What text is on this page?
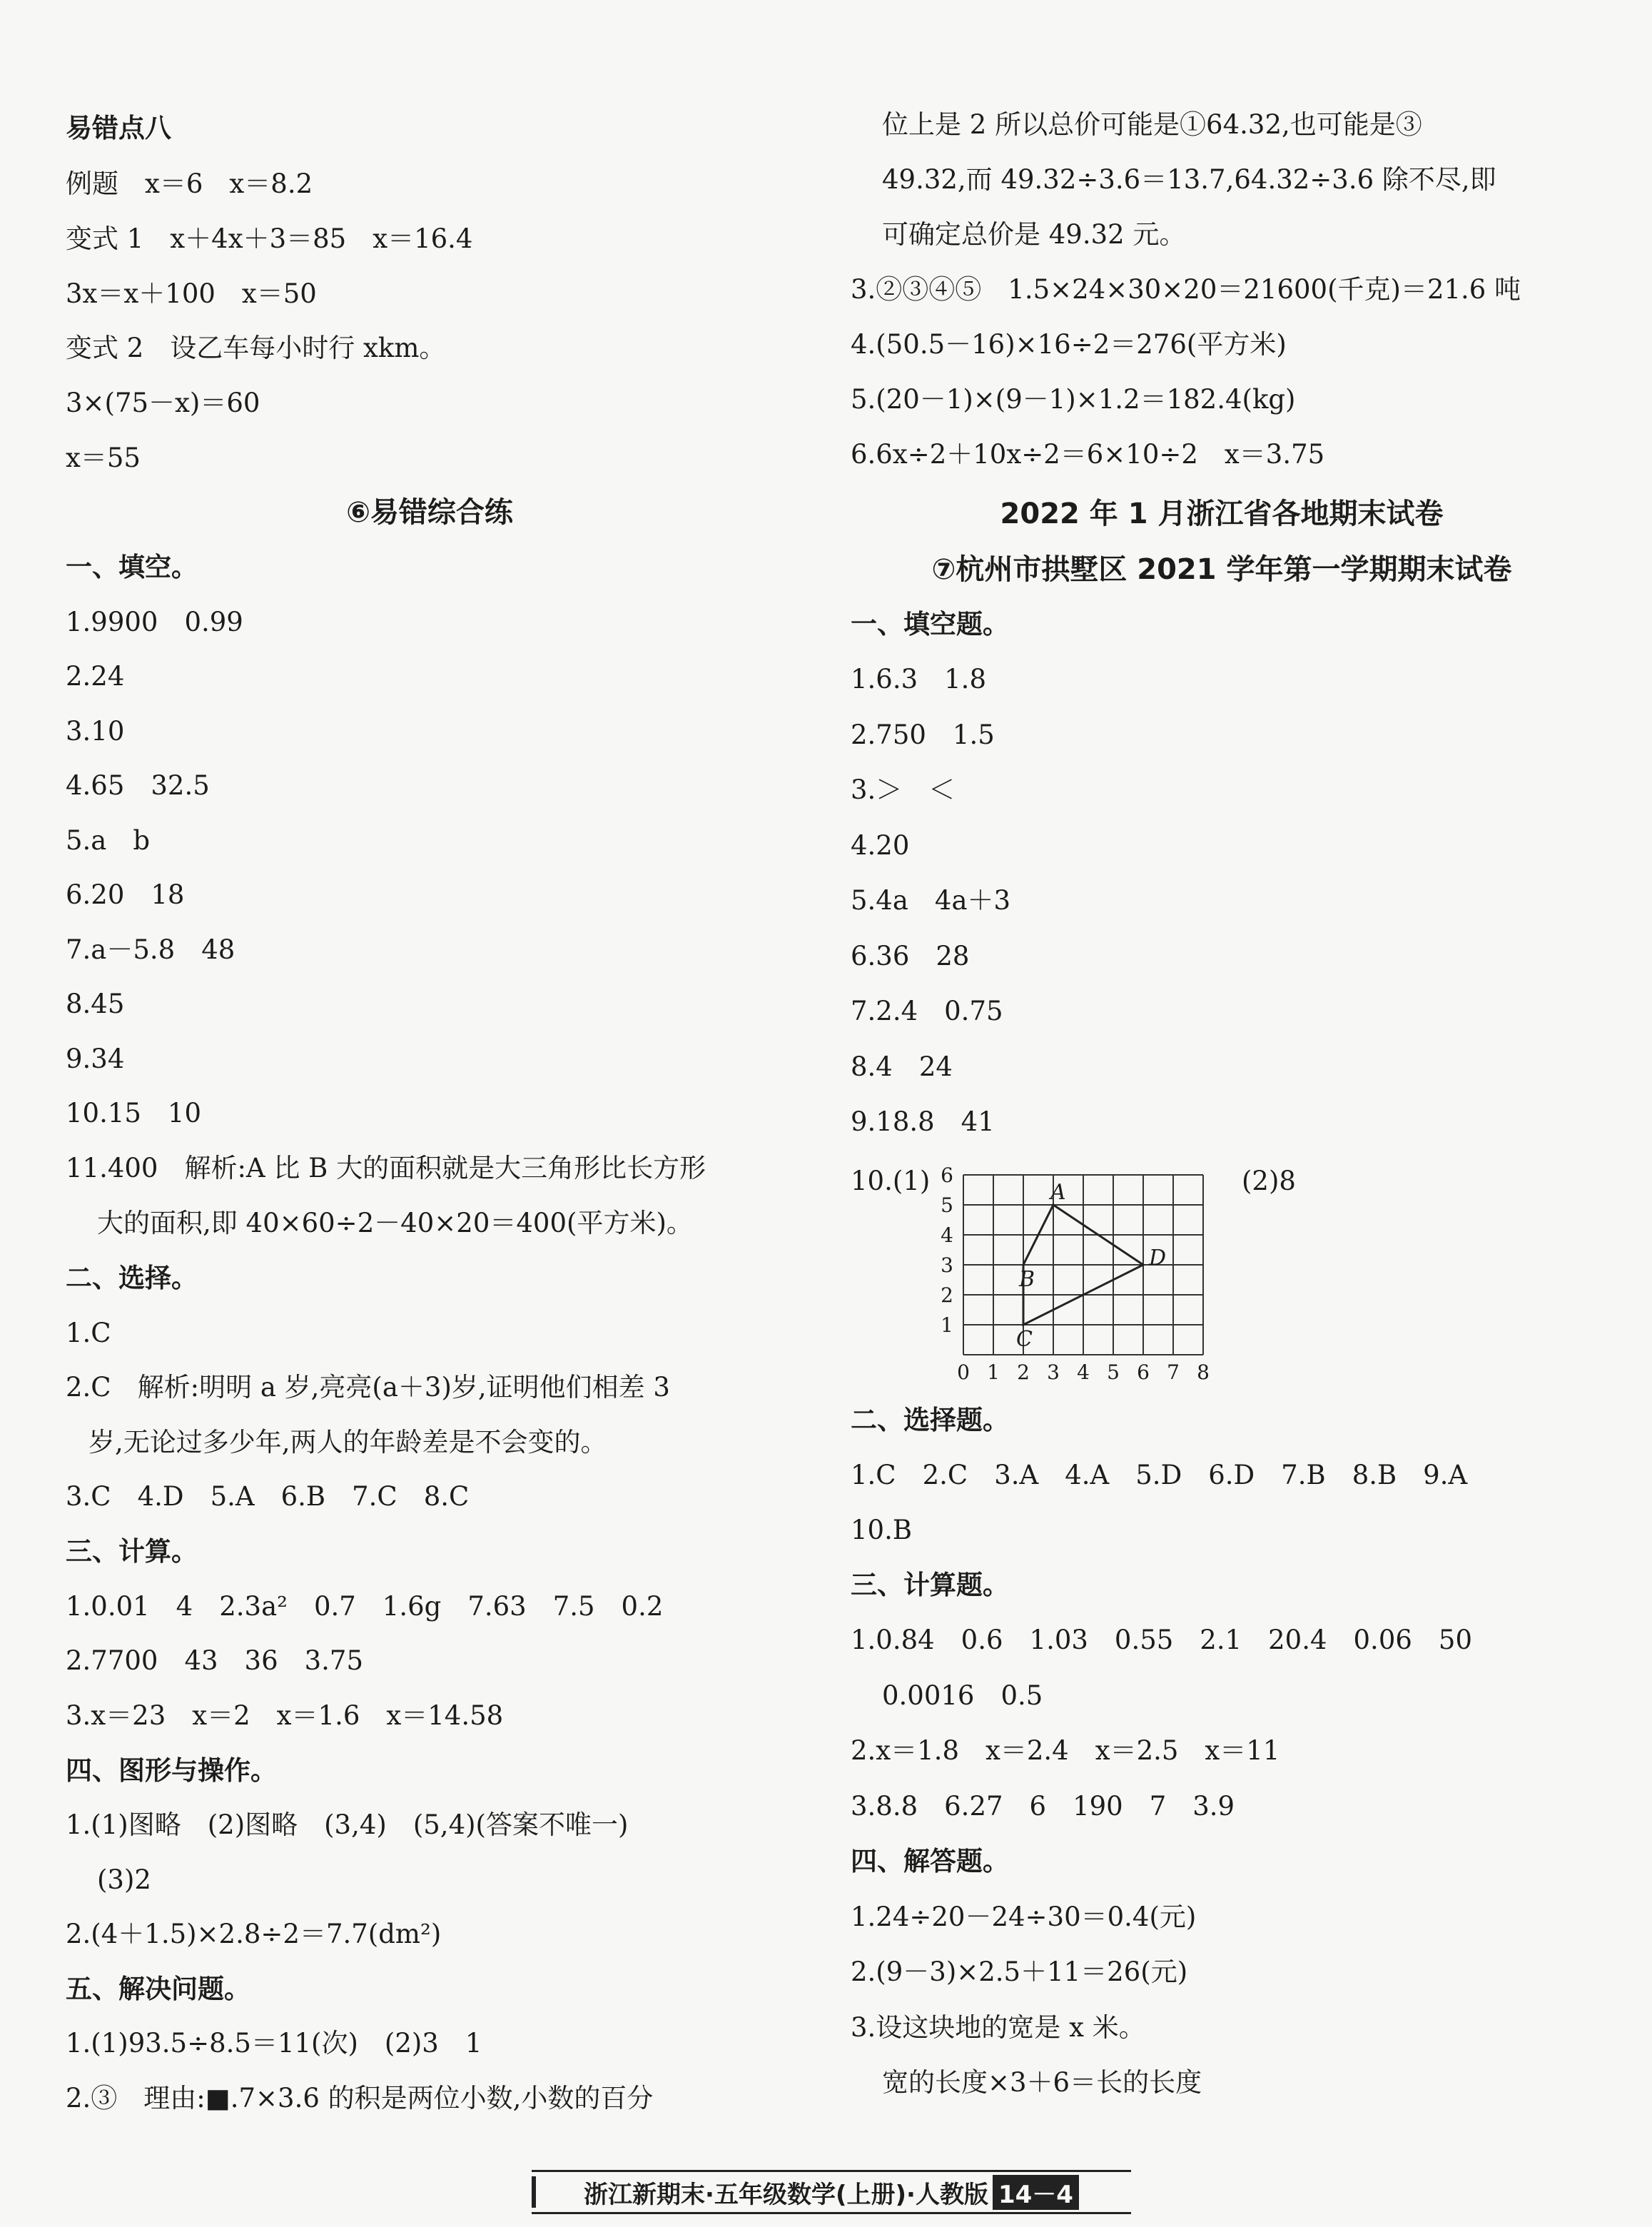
易错点八
例题　x＝6　x＝8.2
变式 1　x＋4x＋3＝85　x＝16.4
3x＝x＋100　x＝50
变式 2　设乙车每小时行 xkm。
3×(75－x)＝60
x＝55
⑥易错综合练
一、填空。
1.9900　0.99
2.24
3.10
4.65　32.5
5.a　b
6.20　18
7.a－5.8　48
8.45
9.34
10.15　10
11.400　解析:A 比 B 大的面积就是大三角形比长方形
大的面积,即 40×60÷2－40×20＝400(平方米)。
二、选择。
1.C
2.C　解析:明明 a 岁,亮亮(a＋3)岁,证明他们相差 3
岁,无论过多少年,两人的年龄差是不会变的。
3.C　4.D　5.A　6.B　7.C　8.C
三、计算。
1.0.01　4　2.3a²　0.7　1.6g　7.63　7.5　0.2
2.7700　43　36　3.75
3.x＝23　x＝2　x＝1.6　x＝14.58
四、图形与操作。
1.(1)图略　(2)图略　(3,4)　(5,4)(答案不唯一)
(3)2
2.(4＋1.5)×2.8÷2＝7.7(dm²)
五、解决问题。
1.(1)93.5÷8.5＝11(次)　(2)3　1
2.③　理由:■.7×3.6 的积是两位小数,小数的百分
位上是 2 所以总价可能是①64.32,也可能是③
49.32,而 49.32÷3.6＝13.7,64.32÷3.6 除不尽,即
可确定总价是 49.32 元。
3.②③④⑤　1.5×24×30×20＝21600(千克)＝21.6 吨
4.(50.5－16)×16÷2＝276(平方米)
5.(20－1)×(9－1)×1.2＝182.4(kg)
6.6x÷2＋10x÷2＝6×10÷2　x＝3.75
2022 年 1 月浙江省各地期末试卷
⑦杭州市拱墅区 2021 学年第一学期期末试卷
一、填空题。
1.6.3　1.8
2.750　1.5
3.＞　＜
4.20
5.4a　4a＋3
6.36　28
7.2.4　0.75
8.4　24
9.18.8　41
10.(1)	(2)8
二、选择题。
1.C　2.C　3.A　4.A　5.D　6.D　7.B　8.B　9.A
10.B
三、计算题。
1.0.84　0.6　1.03　0.55　2.1　20.4　0.06　50
0.0016　0.5
2.x＝1.8　x＝2.4　x＝2.5　x＝11
3.8.8　6.27　6　190　7　3.9
四、解答题。
1.24÷20－24÷30＝0.4(元)
2.(9－3)×2.5＋11＝26(元)
3.设这块地的宽是 x 米。
宽的长度×3＋6＝长的长度
0 1 2 3 4 5 6 7 8
1
2
3
4
5
6
A
B
C
D
浙江新期末·五年级数学(上册)·人教版 14－4
